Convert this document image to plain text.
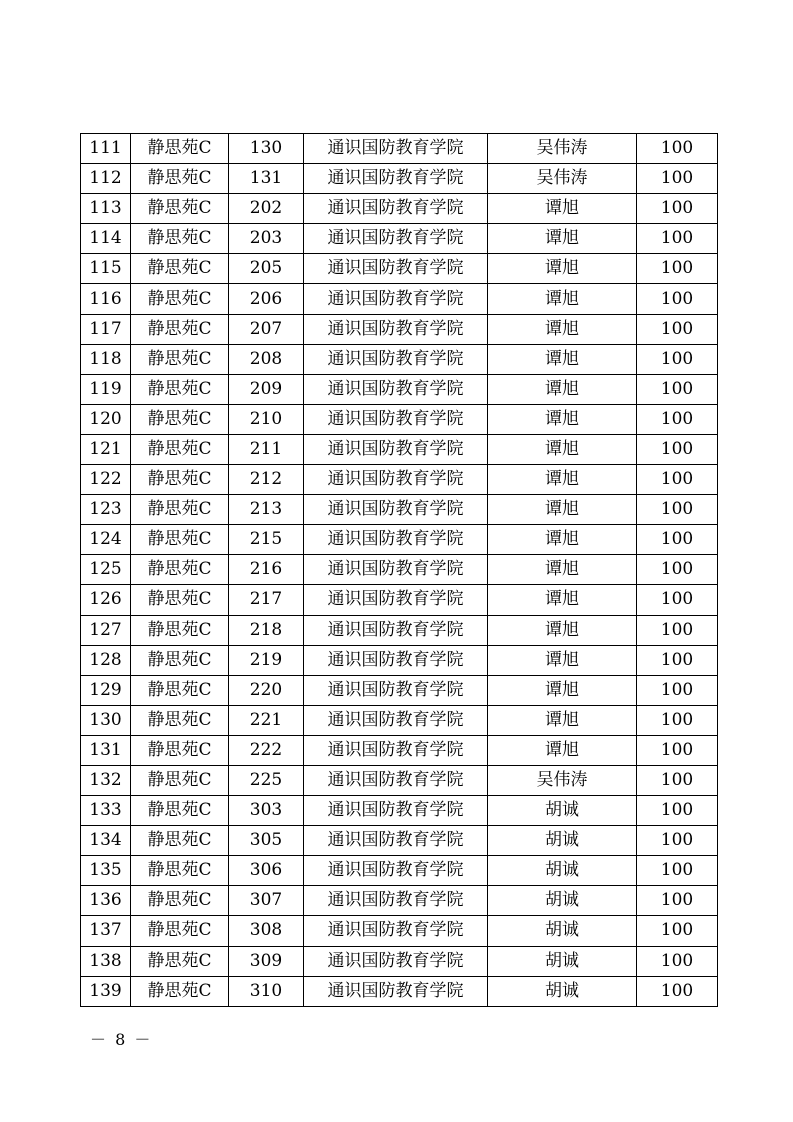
111	静思苑C	130	通识国防教育学院	吴伟涛	100
112	静思苑C	131	通识国防教育学院	吴伟涛	100
113	静思苑C	202	通识国防教育学院	谭旭	100
114	静思苑C	203	通识国防教育学院	谭旭	100
115	静思苑C	205	通识国防教育学院	谭旭	100
116	静思苑C	206	通识国防教育学院	谭旭	100
117	静思苑C	207	通识国防教育学院	谭旭	100
118	静思苑C	208	通识国防教育学院	谭旭	100
119	静思苑C	209	通识国防教育学院	谭旭	100
120	静思苑C	210	通识国防教育学院	谭旭	100
121	静思苑C	211	通识国防教育学院	谭旭	100
122	静思苑C	212	通识国防教育学院	谭旭	100
123	静思苑C	213	通识国防教育学院	谭旭	100
124	静思苑C	215	通识国防教育学院	谭旭	100
125	静思苑C	216	通识国防教育学院	谭旭	100
126	静思苑C	217	通识国防教育学院	谭旭	100
127	静思苑C	218	通识国防教育学院	谭旭	100
128	静思苑C	219	通识国防教育学院	谭旭	100
129	静思苑C	220	通识国防教育学院	谭旭	100
130	静思苑C	221	通识国防教育学院	谭旭	100
131	静思苑C	222	通识国防教育学院	谭旭	100
132	静思苑C	225	通识国防教育学院	吴伟涛	100
133	静思苑C	303	通识国防教育学院	胡诚	100
134	静思苑C	305	通识国防教育学院	胡诚	100
135	静思苑C	306	通识国防教育学院	胡诚	100
136	静思苑C	307	通识国防教育学院	胡诚	100
137	静思苑C	308	通识国防教育学院	胡诚	100
138	静思苑C	309	通识国防教育学院	胡诚	100
139	静思苑C	310	通识国防教育学院	胡诚	100
－ 8 －
